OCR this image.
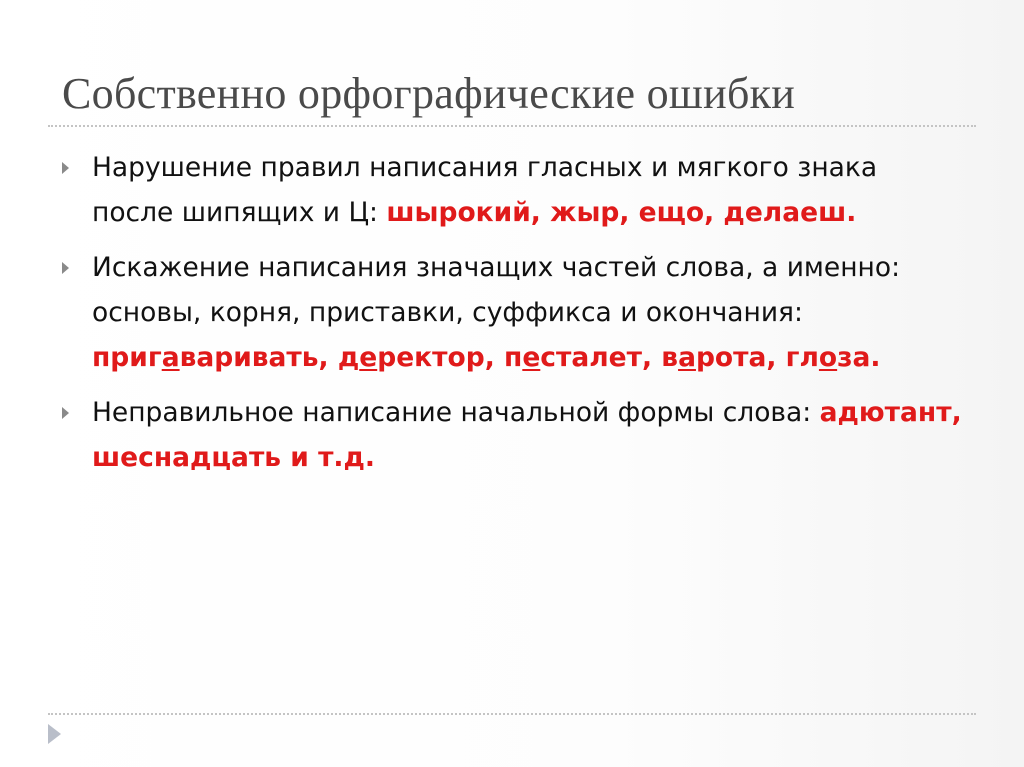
Собственно орфографические ошибки
Нарушение правил написания гласных и мягкого знака после шипящих и Ц: шырокий, жыр, ещо, делаеш.
Искажение написания значащих частей слова, а именно: основы, корня, приставки, суффикса и окончания: пригаваривать, деректор, песталет, варота, глоза.
Неправильное написание начальной формы слова: адютант, шеснадцать и т.д.
